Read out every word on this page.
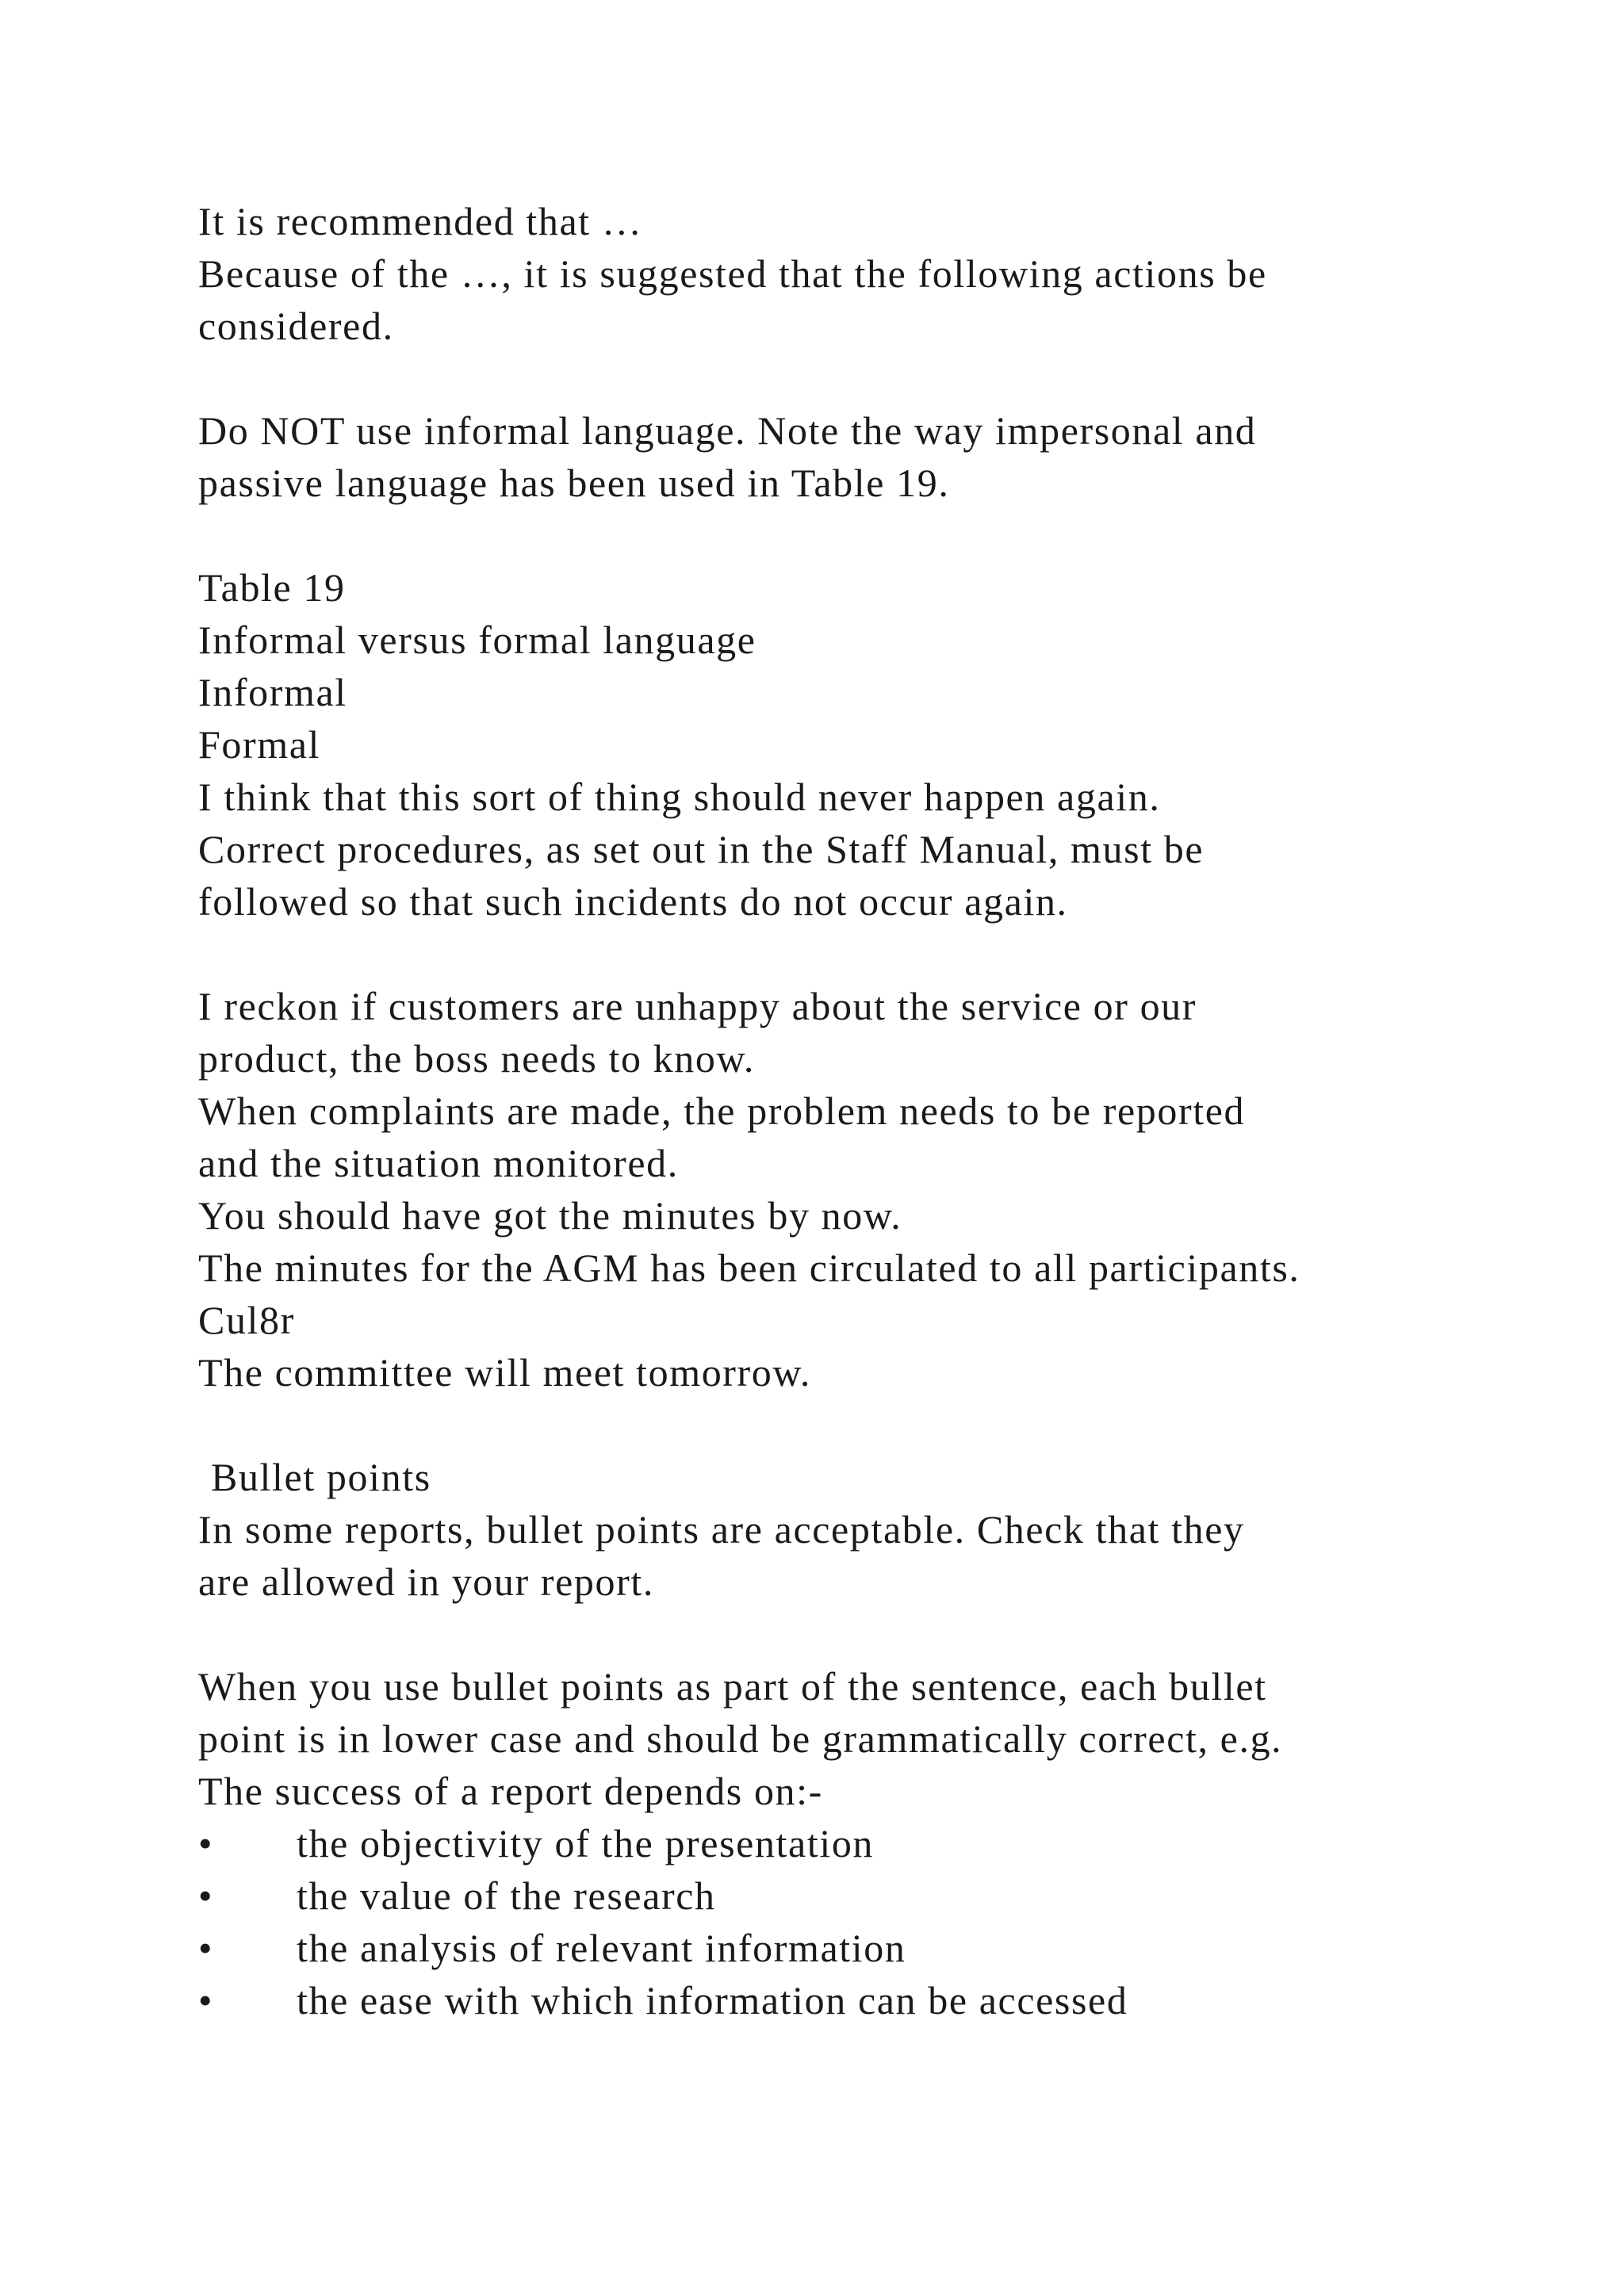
It is recommended that …
Because of the …, it is suggested that the following actions be
considered.
Do NOT use informal language. Note the way impersonal and
passive language has been used in Table 19.
Table 19
Informal versus formal language
Informal
Formal
I think that this sort of thing should never happen again.
Correct procedures, as set out in the Staff Manual, must be
followed so that such incidents do not occur again.
I reckon if customers are unhappy about the service or our
product, the boss needs to know.
When complaints are made, the problem needs to be reported
and the situation monitored.
You should have got the minutes by now.
The minutes for the AGM has been circulated to all participants.
Cul8r
The committee will meet tomorrow.
Bullet points
In some reports, bullet points are acceptable. Check that they
are allowed in your report.
When you use bullet points as part of the sentence, each bullet
point is in lower case and should be grammatically correct, e.g.
The success of a report depends on:-
• the objectivity of the presentation
• the value of the research
• the analysis of relevant information
• the ease with which information can be accessed
